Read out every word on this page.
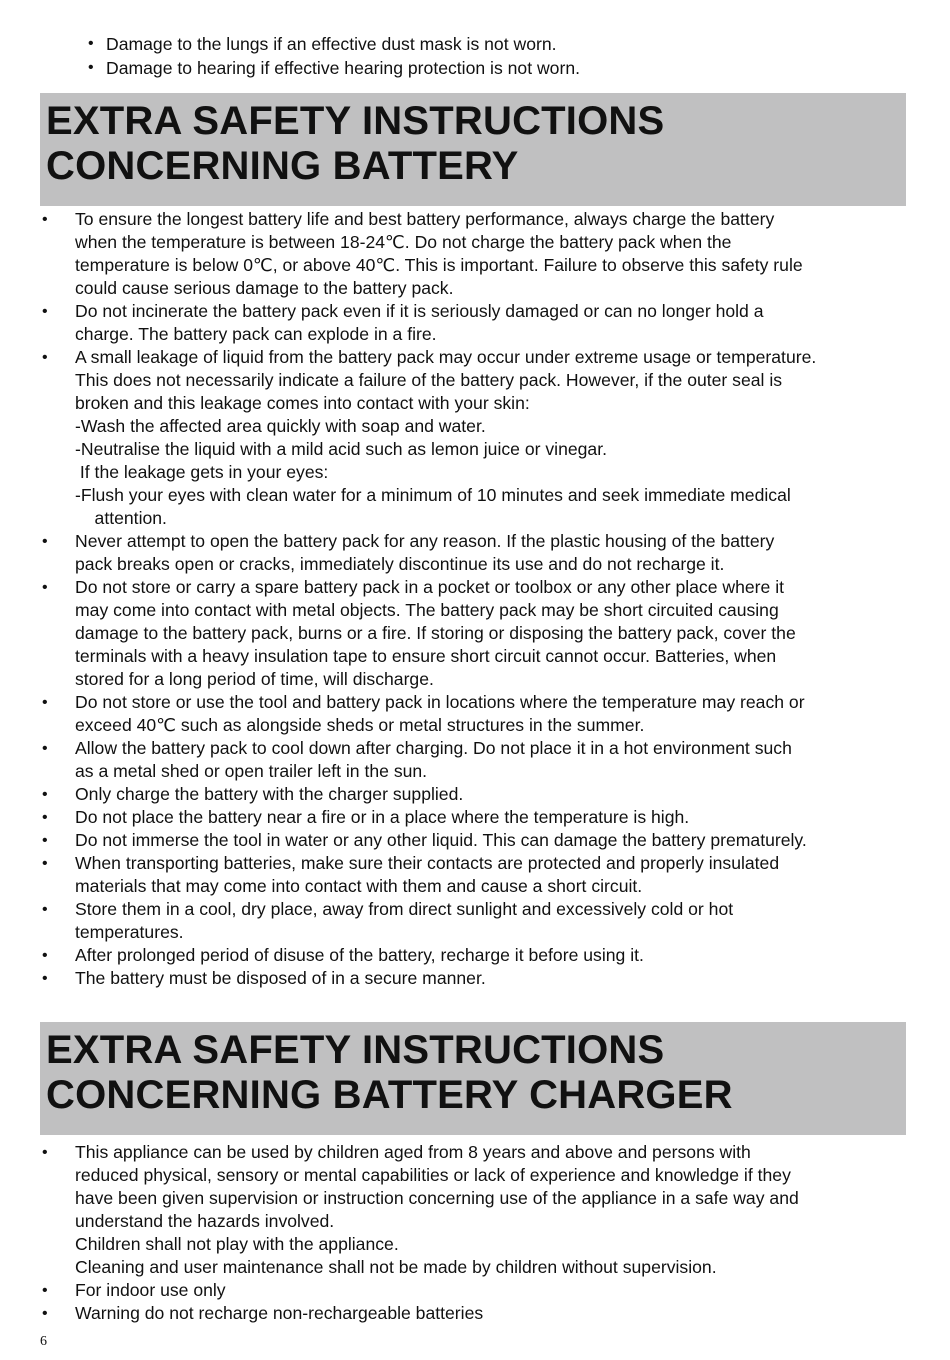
• Damage to the lungs if an effective dust mask is not worn.
• Damage to hearing if effective hearing protection is not worn.
EXTRA SAFETY INSTRUCTIONS
CONCERNING BATTERY
• To ensure the longest battery life and best battery performance, always charge the battery
when the temperature is between 18-24℃. Do not charge the battery pack when the
temperature is below 0℃, or above 40℃. This is important. Failure to observe this safety rule
could cause serious damage to the battery pack.
• Do not incinerate the battery pack even if it is seriously damaged or can no longer hold a
charge. The battery pack can explode in a fire.
• A small leakage of liquid from the battery pack may occur under extreme usage or temperature.
This does not necessarily indicate a failure of the battery pack. However, if the outer seal is
broken and this leakage comes into contact with your skin:
-Wash the affected area quickly with soap and water.
-Neutralise the liquid with a mild acid such as lemon juice or vinegar.
If the leakage gets in your eyes:
-Flush your eyes with clean water for a minimum of 10 minutes and seek immediate medical
attention.
• Never attempt to open the battery pack for any reason. If the plastic housing of the battery
pack breaks open or cracks, immediately discontinue its use and do not recharge it.
• Do not store or carry a spare battery pack in a pocket or toolbox or any other place where it
may come into contact with metal objects. The battery pack may be short circuited causing
damage to the battery pack, burns or a fire. If storing or disposing the battery pack, cover the
terminals with a heavy insulation tape to ensure short circuit cannot occur. Batteries, when
stored for a long period of time, will discharge.
• Do not store or use the tool and battery pack in locations where the temperature may reach or
exceed 40℃ such as alongside sheds or metal structures in the summer.
• Allow the battery pack to cool down after charging. Do not place it in a hot environment such
as a metal shed or open trailer left in the sun.
• Only charge the battery with the charger supplied.
• Do not place the battery near a fire or in a place where the temperature is high.
• Do not immerse the tool in water or any other liquid. This can damage the battery prematurely.
• When transporting batteries, make sure their contacts are protected and properly insulated
materials that may come into contact with them and cause a short circuit.
• Store them in a cool, dry place, away from direct sunlight and excessively cold or hot
temperatures.
• After prolonged period of disuse of the battery, recharge it before using it.
• The battery must be disposed of in a secure manner.
EXTRA SAFETY INSTRUCTIONS
CONCERNING BATTERY CHARGER
• This appliance can be used by children aged from 8 years and above and persons with
reduced physical, sensory or mental capabilities or lack of experience and knowledge if they
have been given supervision or instruction concerning use of the appliance in a safe way and
understand the hazards involved.
Children shall not play with the appliance.
Cleaning and user maintenance shall not be made by children without supervision.
• For indoor use only
• Warning do not recharge non-rechargeable batteries
6
